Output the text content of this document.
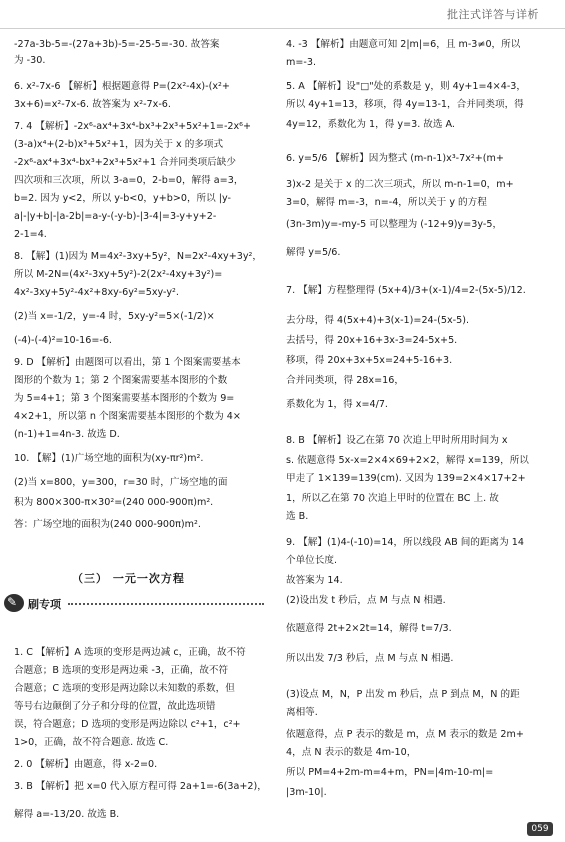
批注式详答与详析
-27a-3b-5=-(27a+3b)-5=-25-5=-30. 故答案
为 -30.
6. x²-7x-6 【解析】根据题意得 P=(2x²-4x)-(x²+
3x+6)=x²-7x-6. 故答案为 x²-7x-6.
7. 4 【解析】-2x⁶-ax⁴+3x⁴-bx³+2x³+5x²+1=-2x⁶+
(3-a)x⁴+(2-b)x³+5x²+1，因为关于 x 的多项式
-2x⁶-ax⁴+3x⁴-bx³+2x³+5x²+1 合并同类项后缺少
四次项和三次项，所以 3-a=0，2-b=0，解得 a=3，
b=2. 因为 y<2，所以 y-b<0，y+b>0，所以 |y-
a|-|y+b|-|a-2b|=a-y-(-y-b)-|3-4|=3-y+y+2-
2-1=4.
8. 【解】(1)因为 M=4x²-3xy+5y²，N=2x²-4xy+3y²，
所以 M-2N=(4x²-3xy+5y²)-2(2x²-4xy+3y²)=
4x²-3xy+5y²-4x²+8xy-6y²=5xy-y².
(2)当 x=-1/2，y=-4 时，5xy-y²=5×(-1/2)×
(-4)-(-4)²=10-16=-6.
9. D 【解析】由题图可以看出，第 1 个图案需要基本
图形的个数为 1；第 2 个图案需要基本图形的个数
为 5=4+1；第 3 个图案需要基本图形的个数为 9=
4×2+1，所以第 n 个图案需要基本图形的个数为 4×
(n-1)+1=4n-3. 故选 D.
10. 【解】(1)广场空地的面积为(xy-πr²)m².
(2)当 x=800，y=300，r=30 时，广场空地的面
积为 800×300-π×30²=(240 000-900π)m².
答：广场空地的面积为(240 000-900π)m².
1. C 【解析】A 选项的变形是两边减 c，正确，故不符
合题意；B 选项的变形是两边乘 -3，正确，故不符
合题意；C 选项的变形是两边除以未知数的系数，但
等号右边颠倒了分子和分母的位置，故此选项错
误，符合题意；D 选项的变形是两边除以 c²+1，c²+
1>0，正确，故不符合题意. 故选 C.
2. 0 【解析】由题意，得 x-2=0.
3. B 【解析】把 x=0 代入原方程可得 2a+1=-6(3a+2)，
解得 a=-13/20. 故选 B.
（三） 一元一次方程
✎ 刷专项
4. -3 【解析】由题意可知 2|m|=6，且 m-3≠0，所以
m=-3.
5. A 【解析】设"□"处的系数是 y，则 4y+1=4×4-3，
所以 4y+1=13，移项，得 4y=13-1，合并同类项，得
4y=12，系数化为 1，得 y=3. 故选 A.
6. y=5/6 【解析】因为整式 (m-n-1)x³-7x²+(m+
3)x-2 是关于 x 的二次三项式，所以 m-n-1=0，m+
3=0，解得 m=-3，n=-4，所以关于 y 的方程
(3n-3m)y=-my-5 可以整理为 (-12+9)y=3y-5，
解得 y=5/6.
7. 【解】方程整理得 (5x+4)/3+(x-1)/4=2-(5x-5)/12.
去分母，得 4(5x+4)+3(x-1)=24-(5x-5).
去括号，得 20x+16+3x-3=24-5x+5.
移项，得 20x+3x+5x=24+5-16+3.
合并同类项，得 28x=16，
系数化为 1，得 x=4/7.
8. B 【解析】设乙在第 70 次追上甲时所用时间为 x
s. 依题意得 5x-x=2×4×69+2×2，解得 x=139，所以
甲走了 1×139=139(cm). 又因为 139=2×4×17+2+
1，所以乙在第 70 次追上甲时的位置在 BC 上. 故
选 B.
9. 【解】(1)4-(-10)=14，所以线段 AB 间的距离为 14
个单位长度.
故答案为 14.
(2)设出发 t 秒后，点 M 与点 N 相遇.
依题意得 2t+2×2t=14，解得 t=7/3.
所以出发 7/3 秒后，点 M 与点 N 相遇.
(3)设点 M，N，P 出发 m 秒后，点 P 到点 M，N 的距
离相等.
依题意得，点 P 表示的数是 m，点 M 表示的数是 2m+
4，点 N 表示的数是 4m-10，
所以 PM=4+2m-m=4+m，PN=|4m-10-m|=
|3m-10|.
059
